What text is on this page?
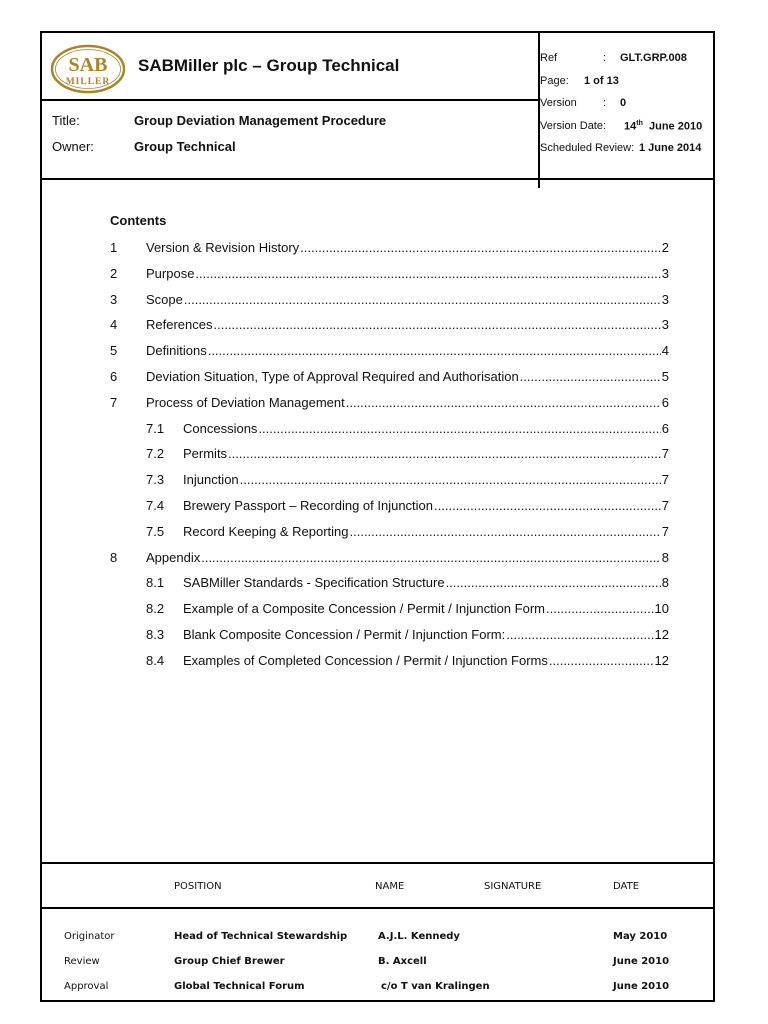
SAB
MILLER
SABMiller plc – Group Technical	Ref	: GLT.GRP.008
Page: 1 of 13
Version : 0
Version Date: 14th June 2010
Scheduled Review: 1 June 2014
Title:	Group Deviation Management Procedure
Owner:	Group Technical
Contents
1 Version & Revision History .....	2
2 Purpose .....	3
3 Scope .....	3
4 References .....	3
5 Definitions .....	4
6 Deviation Situation, Type of Approval Required and Authorisation .....	5
7 Process of Deviation Management .....	6
7.1 Concessions .....	6
7.2 Permits .....	7
7.3 Injunction .....	7
7.4 Brewery Passport – Recording of Injunction .....	7
7.5 Record Keeping & Reporting .....	7
8 Appendix .....	8
8.1 SABMiller Standards - Specification Structure .....	8
8.2 Example of a Composite Concession / Permit / Injunction Form .....	10
8.3 Blank Composite Concession / Permit / Injunction Form: .....	12
8.4 Examples of Completed Concession / Permit / Injunction Forms .....	12
POSITION	NAME	SIGNATURE	DATE
Originator	Head of Technical Stewardship	A.J.L. Kennedy	May 2010
Review	Group Chief Brewer	B. Axcell	June 2010
Approval	Global Technical Forum	c/o T van Kralingen	June 2010
